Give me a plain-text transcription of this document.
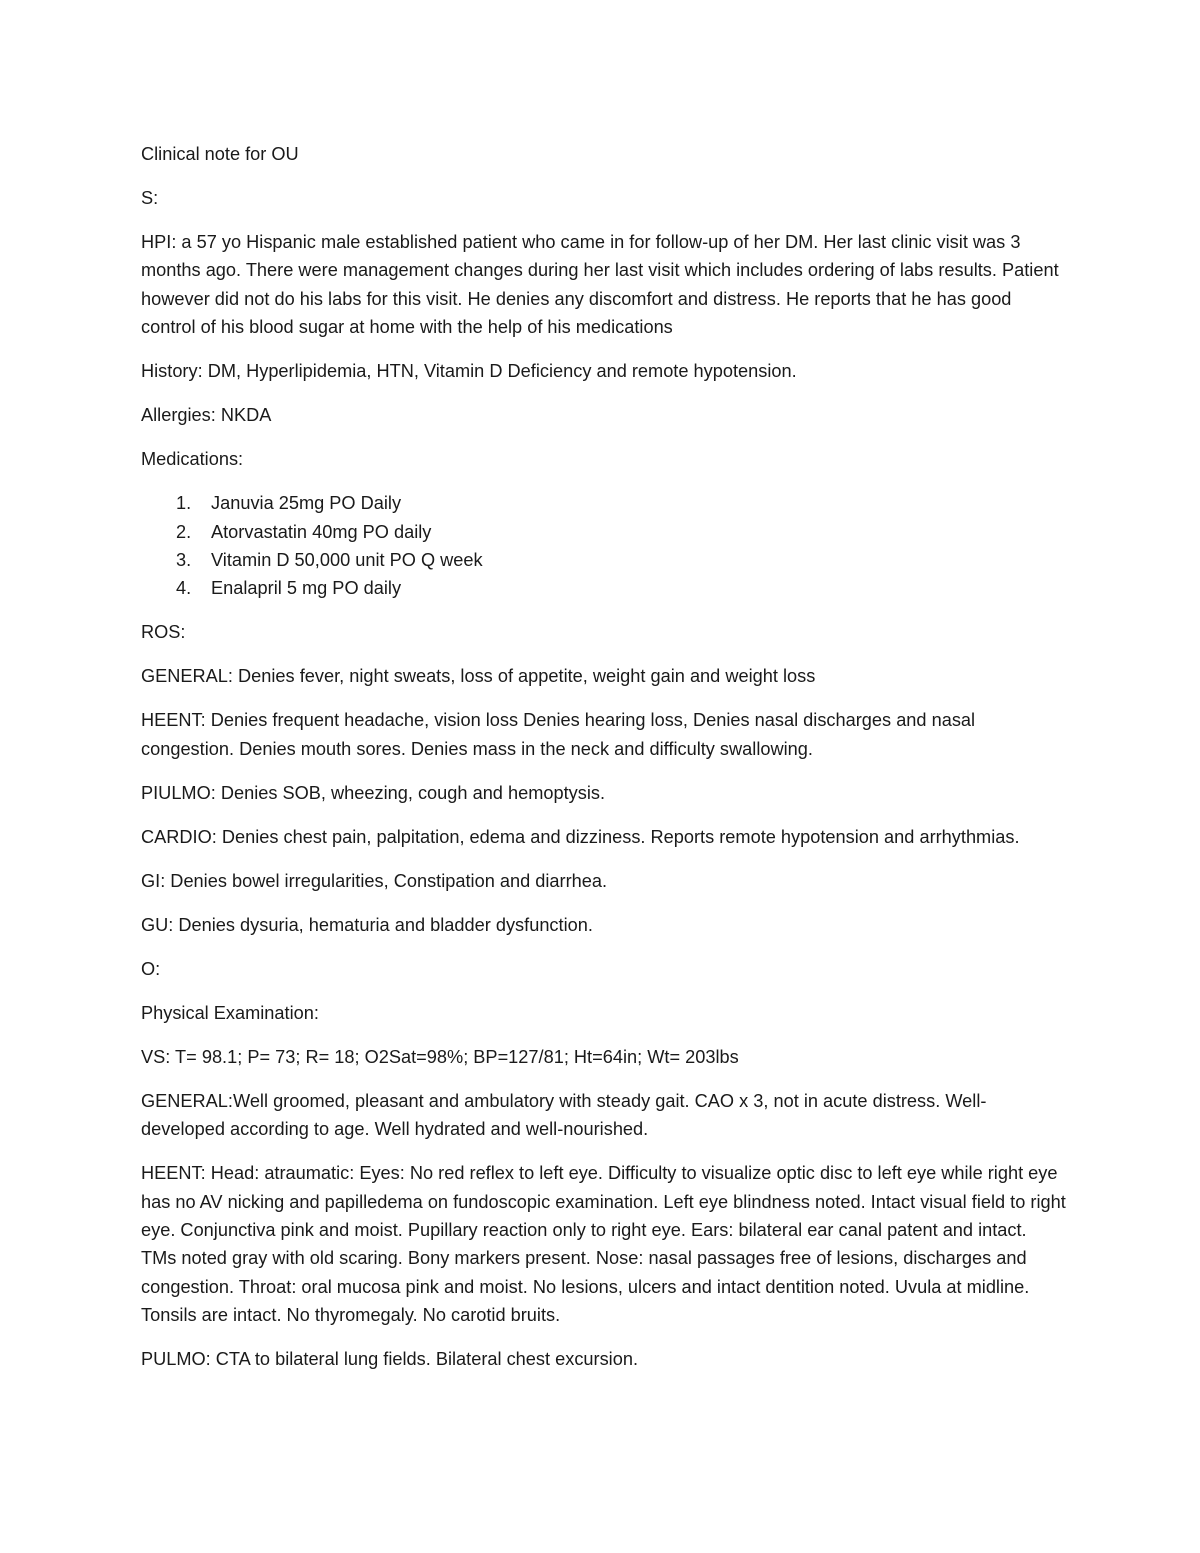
Clinical note for OU

S:

HPI: a 57 yo Hispanic male established patient who came in for follow-up of her DM. Her last clinic visit was 3 months ago. There were management changes during her last visit which includes ordering of labs results. Patient however did not do his labs for this visit. He denies any discomfort and distress. He reports that he has good control of his blood sugar at home with the help of his medications

History: DM, Hyperlipidemia, HTN, Vitamin D Deficiency and remote hypotension.

Allergies: NKDA

Medications:

1.	Januvia 25mg PO Daily
2.	Atorvastatin 40mg PO daily
3.	Vitamin D 50,000 unit PO Q week
4.	Enalapril 5 mg PO daily

ROS:

GENERAL: Denies fever, night sweats, loss of appetite, weight gain and weight loss

HEENT: Denies frequent headache, vision loss Denies hearing loss, Denies nasal discharges and nasal congestion. Denies mouth sores. Denies mass in the neck and difficulty swallowing.

PIULMO: Denies SOB, wheezing, cough and hemoptysis.

CARDIO: Denies chest pain, palpitation, edema and dizziness. Reports remote hypotension and arrhythmias.

GI: Denies bowel irregularities, Constipation and diarrhea.

GU: Denies dysuria, hematuria and bladder dysfunction.

O:

Physical Examination:

VS: T= 98.1; P= 73; R= 18; O2Sat=98%; BP=127/81; Ht=64in; Wt= 203lbs

GENERAL:Well groomed, pleasant and ambulatory with steady gait. CAO x 3, not in acute distress. Well-developed according to age. Well hydrated and well-nourished.

HEENT: Head: atraumatic: Eyes: No red reflex to left eye. Difficulty to visualize optic disc to left eye while right eye has no AV nicking and papilledema on fundoscopic examination. Left eye blindness noted. Intact visual field to right eye. Conjunctiva pink and moist. Pupillary reaction only to right eye. Ears: bilateral ear canal patent and intact. TMs noted gray with old scaring. Bony markers present. Nose: nasal passages free of lesions, discharges and congestion. Throat: oral mucosa pink and moist. No lesions, ulcers and intact dentition noted. Uvula at midline. Tonsils are intact. No thyromegaly. No carotid bruits.

PULMO: CTA to bilateral lung fields. Bilateral chest excursion.
